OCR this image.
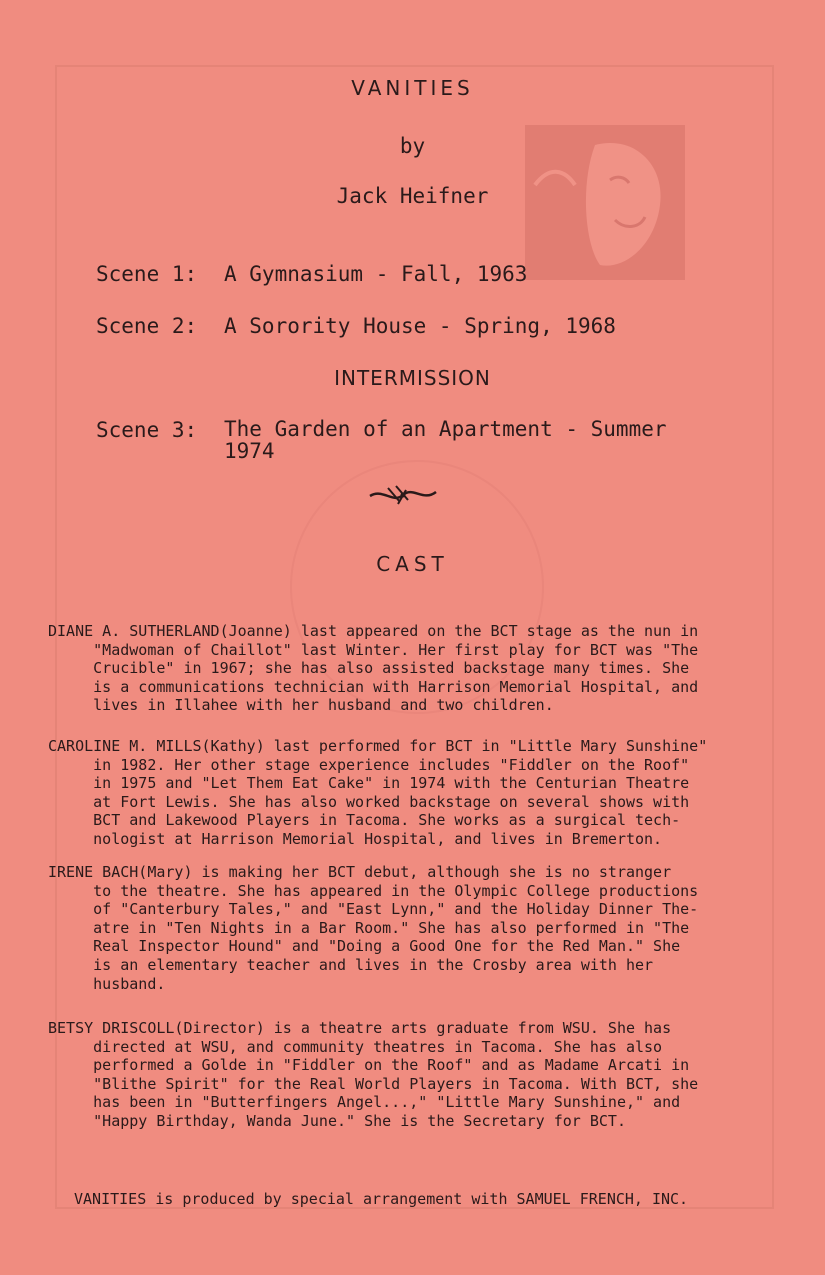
VANITIES
by
Jack Heifner
Scene 1: A Gymnasium - Fall, 1963
Scene 2: A Sorority House - Spring, 1968
INTERMISSION
Scene 3: The Garden of an Apartment - Summer
1974
CAST
DIANE A. SUTHERLAND(Joanne) last appeared on the BCT stage as the nun in
"Madwoman of Chaillot" last Winter. Her first play for BCT was "The
Crucible" in 1967; she has also assisted backstage many times. She
is a communications technician with Harrison Memorial Hospital, and
lives in Illahee with her husband and two children.
CAROLINE M. MILLS(Kathy) last performed for BCT in "Little Mary Sunshine"
in 1982. Her other stage experience includes "Fiddler on the Roof"
in 1975 and "Let Them Eat Cake" in 1974 with the Centurian Theatre
at Fort Lewis. She has also worked backstage on several shows with
BCT and Lakewood Players in Tacoma. She works as a surgical tech-
nologist at Harrison Memorial Hospital, and lives in Bremerton.
IRENE BACH(Mary) is making her BCT debut, although she is no stranger
to the theatre. She has appeared in the Olympic College productions
of "Canterbury Tales," and "East Lynn," and the Holiday Dinner The-
atre in "Ten Nights in a Bar Room." She has also performed in "The
Real Inspector Hound" and "Doing a Good One for the Red Man." She
is an elementary teacher and lives in the Crosby area with her
husband.
BETSY DRISCOLL(Director) is a theatre arts graduate from WSU. She has
directed at WSU, and community theatres in Tacoma. She has also
performed a Golde in "Fiddler on the Roof" and as Madame Arcati in
"Blithe Spirit" for the Real World Players in Tacoma. With BCT, she
has been in "Butterfingers Angel...," "Little Mary Sunshine," and
"Happy Birthday, Wanda June." She is the Secretary for BCT.
VANITIES is produced by special arrangement with SAMUEL FRENCH, INC.
